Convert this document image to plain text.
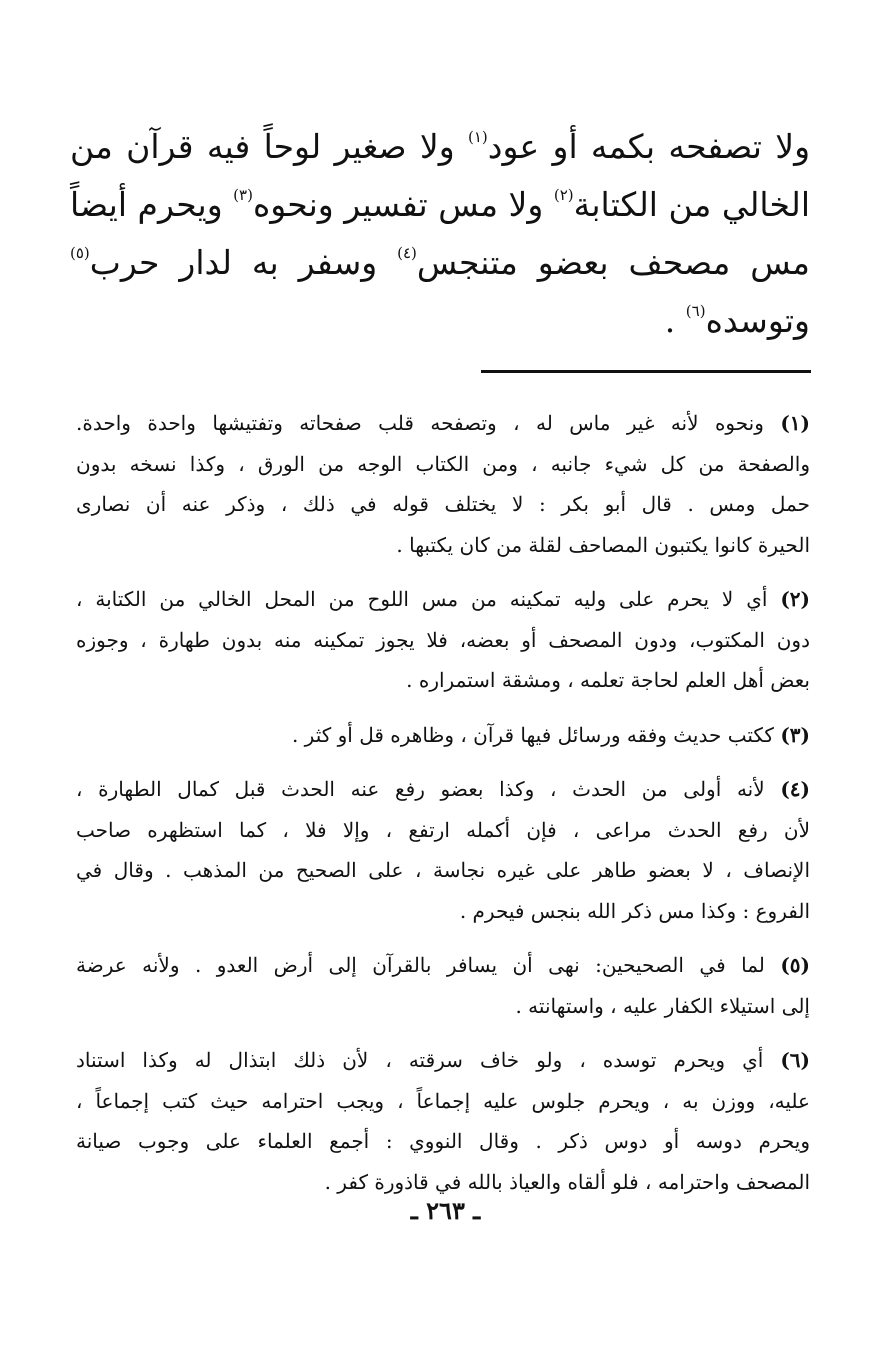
ولا تصفحه بكمه أو عود$^{(١)}$ ولا صغير لوحاً فيه قرآن من
الخالي من الكتابة$^{(٢)}$ ولا مس تفسير ونحوه$^{(٣)}$ ويحرم أيضاً
مس مصحف بعضو متنجس$^{(٤)}$ وسفر به لدار حرب$^{(٥)}$
وتوسده$^{(٦)}$ .
(١) ونحوه لأنه غير ماس له ، وتصفحه قلب صفحاته وتفتيشها واحدة واحدة.
والصفحة من كل شيء جانبه ، ومن الكتاب الوجه من الورق ، وكذا نسخه بدون
حمل ومس . قال أبو بكر : لا يختلف قوله في ذلك ، وذكر عنه أن نصارى
الحيرة كانوا يكتبون المصاحف لقلة من كان يكتبها .
(٢) أي لا يحرم على وليه تمكينه من مس اللوح من المحل الخالي من الكتابة ،
دون المكتوب، ودون المصحف أو بعضه، فلا يجوز تمكينه منه بدون طهارة ، وجوزه
بعض أهل العلم لحاجة تعلمه ، ومشقة استمراره .
(٣) ككتب حديث وفقه ورسائل فيها قرآن ، وظاهره قل أو كثر .
(٤) لأنه أولى من الحدث ، وكذا بعضو رفع عنه الحدث قبل كمال الطهارة ،
لأن رفع الحدث مراعى ، فإن أكمله ارتفع ، وإلا فلا ، كما استظهره صاحب
الإنصاف ، لا بعضو طاهر على غيره نجاسة ، على الصحيح من المذهب . وقال في
الفروع : وكذا مس ذكر الله بنجس فيحرم .
(٥) لما في الصحيحين: نهى أن يسافر بالقرآن إلى أرض العدو . ولأنه عرضة
إلى استيلاء الكفار عليه ، واستهانته .
(٦) أي ويحرم توسده ، ولو خاف سرقته ، لأن ذلك ابتذال له وكذا استناد
عليه، ووزن به ، ويحرم جلوس عليه إجماعاً ، ويجب احترامه حيث كتب إجماعاً ،
ويحرم دوسه أو دوس ذكر . وقال النووي : أجمع العلماء على وجوب صيانة
المصحف واحترامه ، فلو ألقاه والعياذ بالله في قاذورة كفر .
ـ ٢٦٣ ـ
